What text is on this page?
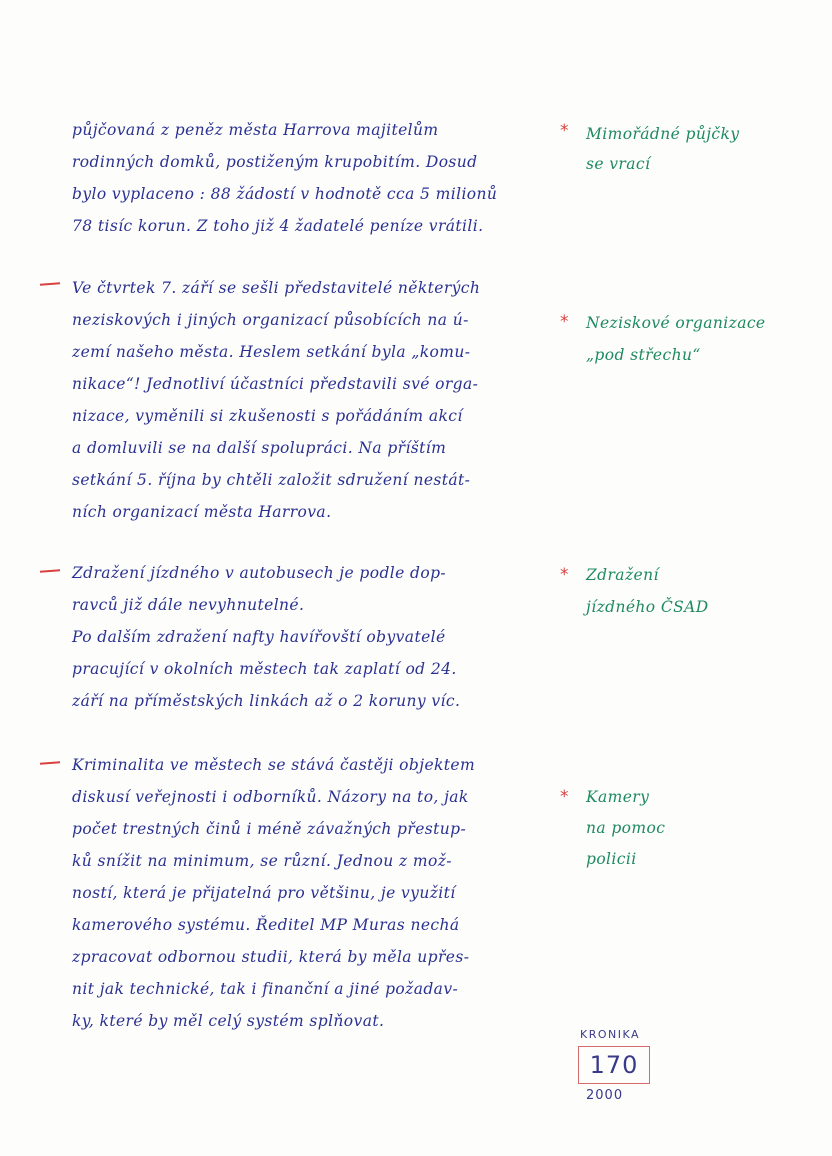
půjčovaná z peněz města Harrova majitelům
rodinných domků, postiženým krupobitím. Dosud
bylo vyplaceno : 88 žádostí v hodnotě cca 5 milionů
78 tisíc korun. Z toho již 4 žadatelé peníze vrátili.
* Mimořádné půjčky
se vrací
Ve čtvrtek 7. září se sešli představitelé některých
neziskových i jiných organizací působících na ú-
zemí našeho města. Heslem setkání byla „komu-
nikace“! Jednotliví účastníci představili své orga-
nizace, vyměnili si zkušenosti s pořádáním akcí
a domluvili se na další spolupráci. Na příštím
setkání 5. října by chtěli založit sdružení nestát-
ních organizací města Harrova.
* Neziskové organizace
„pod střechu“
Zdražení jízdného v autobusech je podle dop-
ravců již dále nevyhnutelné.
Po dalším zdražení nafty havířovští obyvatelé
pracující v okolních městech tak zaplatí od 24.
září na příměstských linkách až o 2 koruny víc.
* Zdražení
jízdného ČSAD
Kriminalita ve městech se stává častěji objektem
diskusí veřejnosti i odborníků. Názory na to, jak
počet trestných činů i méně závažných přestup-
ků snížit na minimum, se různí. Jednou z mož-
ností, která je přijatelná pro většinu, je využití
kamerového systému. Ředitel MP Muras nechá
zpracovat odbornou studii, která by měla upřes-
nit jak technické, tak i finanční a jiné požadav-
ky, které by měl celý systém splňovat.
* Kamery
na pomoc
policii
KRONIKA
170
2000
